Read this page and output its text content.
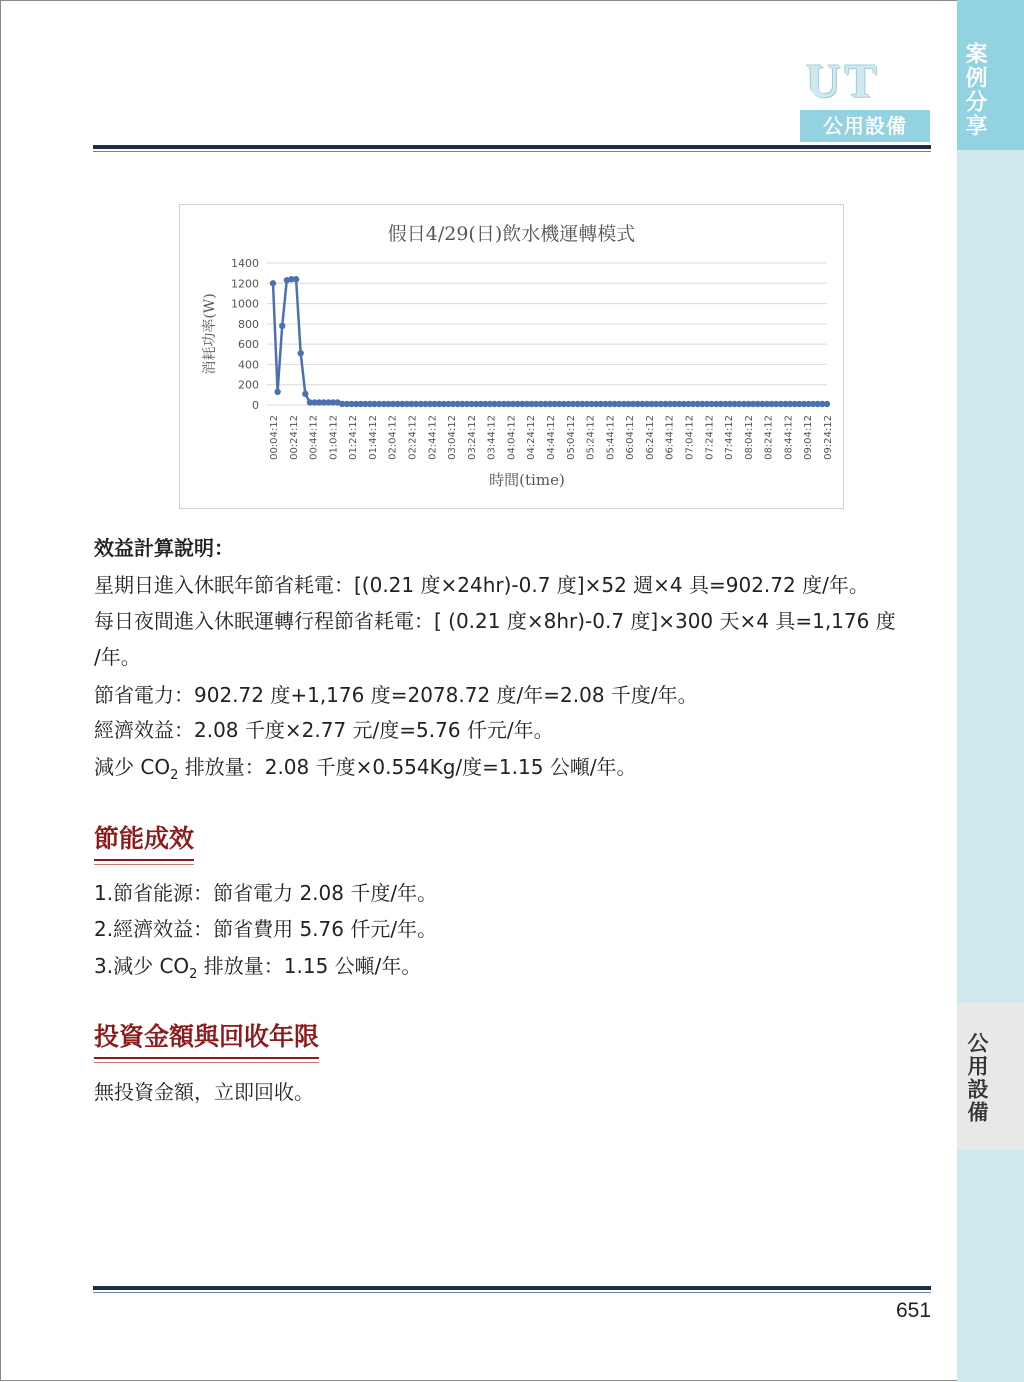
案例分享
公用設備
UT
公用設備
假日4/29(日)飲水機運轉模式
0
200
400
600
800
1000
1200
1400
消耗功率(W)
00:04:12 00:24:12 00:44:12 01:04:12 01:24:12 01:44:12 02:04:12 02:24:12 02:44:12 03:04:12 03:24:12 03:44:12 04:04:12 04:24:12 04:44:12 05:04:12 05:24:12 05:44:12 06:04:12 06:24:12 06:44:12 07:04:12 07:24:12 07:44:12 08:04:12 08:24:12 08:44:12 09:04:12 09:24:12
時間(time)
效益計算說明：
星期日進入休眠年節省耗電：[(0.21 度×24hr)-0.7 度]×52 週×4 具=902.72 度/年。
每日夜間進入休眠運轉行程節省耗電：[ (0.21 度×8hr)-0.7 度]×300 天×4 具=1,176 度
/年。
節省電力：902.72 度+1,176 度=2078.72 度/年=2.08 千度/年。
經濟效益：2.08 千度×2.77 元/度=5.76 仟元/年。
減少 $CO_2$ 排放量：2.08 千度×0.554Kg/度=1.15 公噸/年。
節能成效
1.節省能源：節省電力 2.08 千度/年。
2.經濟效益：節省費用 5.76 仟元/年。
3.減少 $CO_2$ 排放量：1.15 公噸/年。
投資金額與回收年限
無投資金額，立即回收。
651
